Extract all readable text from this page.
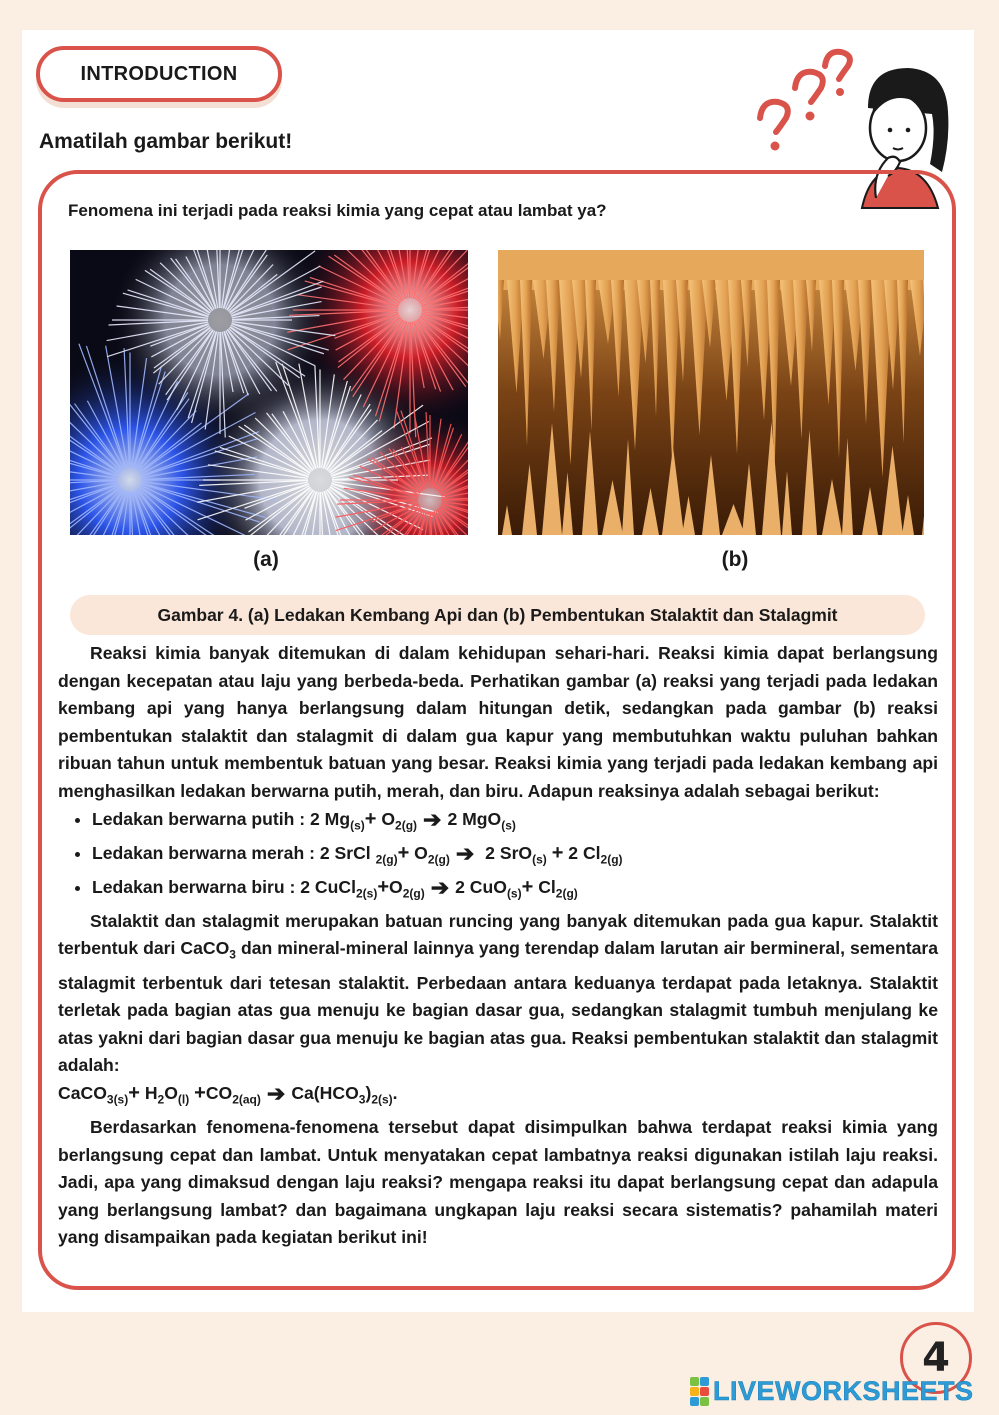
INTRODUCTION
Amatilah gambar berikut!
Fenomena ini terjadi pada reaksi kimia yang cepat atau lambat ya?
(a)	(b)
Gambar 4. (a) Ledakan Kembang Api dan (b) Pembentukan Stalaktit dan Stalagmit

Reaksi kimia banyak ditemukan di dalam kehidupan sehari-hari. Reaksi kimia dapat berlangsung dengan kecepatan atau laju yang berbeda-beda. Perhatikan gambar (a) reaksi yang terjadi pada ledakan kembang api yang hanya berlangsung dalam hitungan detik, sedangkan pada gambar (b) reaksi pembentukan stalaktit dan stalagmit di dalam gua kapur yang membutuhkan waktu puluhan bahkan ribuan tahun untuk membentuk batuan yang besar. Reaksi kimia yang terjadi pada ledakan kembang api menghasilkan ledakan berwarna putih, merah, dan biru. Adapun reaksinya adalah sebagai berikut:

• Ledakan berwarna putih : 2 $Mg_{(s)}+ O_{2(g)}$ ➔ 2 MgO$_{(s)}$
• Ledakan berwarna merah : 2 SrCl $_{2(g)}+ O_{2(g)}$ ➔ 2 SrO$_{(s)}$ + 2 $Cl_{2(g)}$
• Ledakan berwarna biru : 2 $CuCl_{2(s)}+O_{2(g)}$ ➔ 2 $CuO_{(s)}+ Cl_{2(g)}$

Stalaktit dan stalagmit merupakan batuan runcing yang banyak ditemukan pada gua kapur. Stalaktit terbentuk dari CaCO$_3$ dan mineral-mineral lainnya yang terendap dalam larutan air bermineral, sementara stalagmit terbentuk dari tetesan stalaktit. Perbedaan antara keduanya terdapat pada letaknya. Stalaktit terletak pada bagian atas gua menuju ke bagian dasar gua, sedangkan stalagmit tumbuh menjulang ke atas yakni dari bagian dasar gua menuju ke bagian atas gua. Reaksi pembentukan stalaktit dan stalagmit adalah:

CaCO$_{3(s)}$+ $H_2O_{(l)} +CO_{2(aq)}$ ➔ $Ca(HCO_3)_{2(s)}$.

Berdasarkan fenomena-fenomena tersebut dapat disimpulkan bahwa terdapat reaksi kimia yang berlangsung cepat dan lambat. Untuk menyatakan cepat lambatnya reaksi digunakan istilah laju reaksi. Jadi, apa yang dimaksud dengan laju reaksi? mengapa reaksi itu dapat berlangsung cepat dan adapula yang berlangsung lambat? dan bagaimana ungkapan laju reaksi secara sistematis? pahamilah materi yang disampaikan pada kegiatan berikut ini!

4
LIVEWORKSHEETS
